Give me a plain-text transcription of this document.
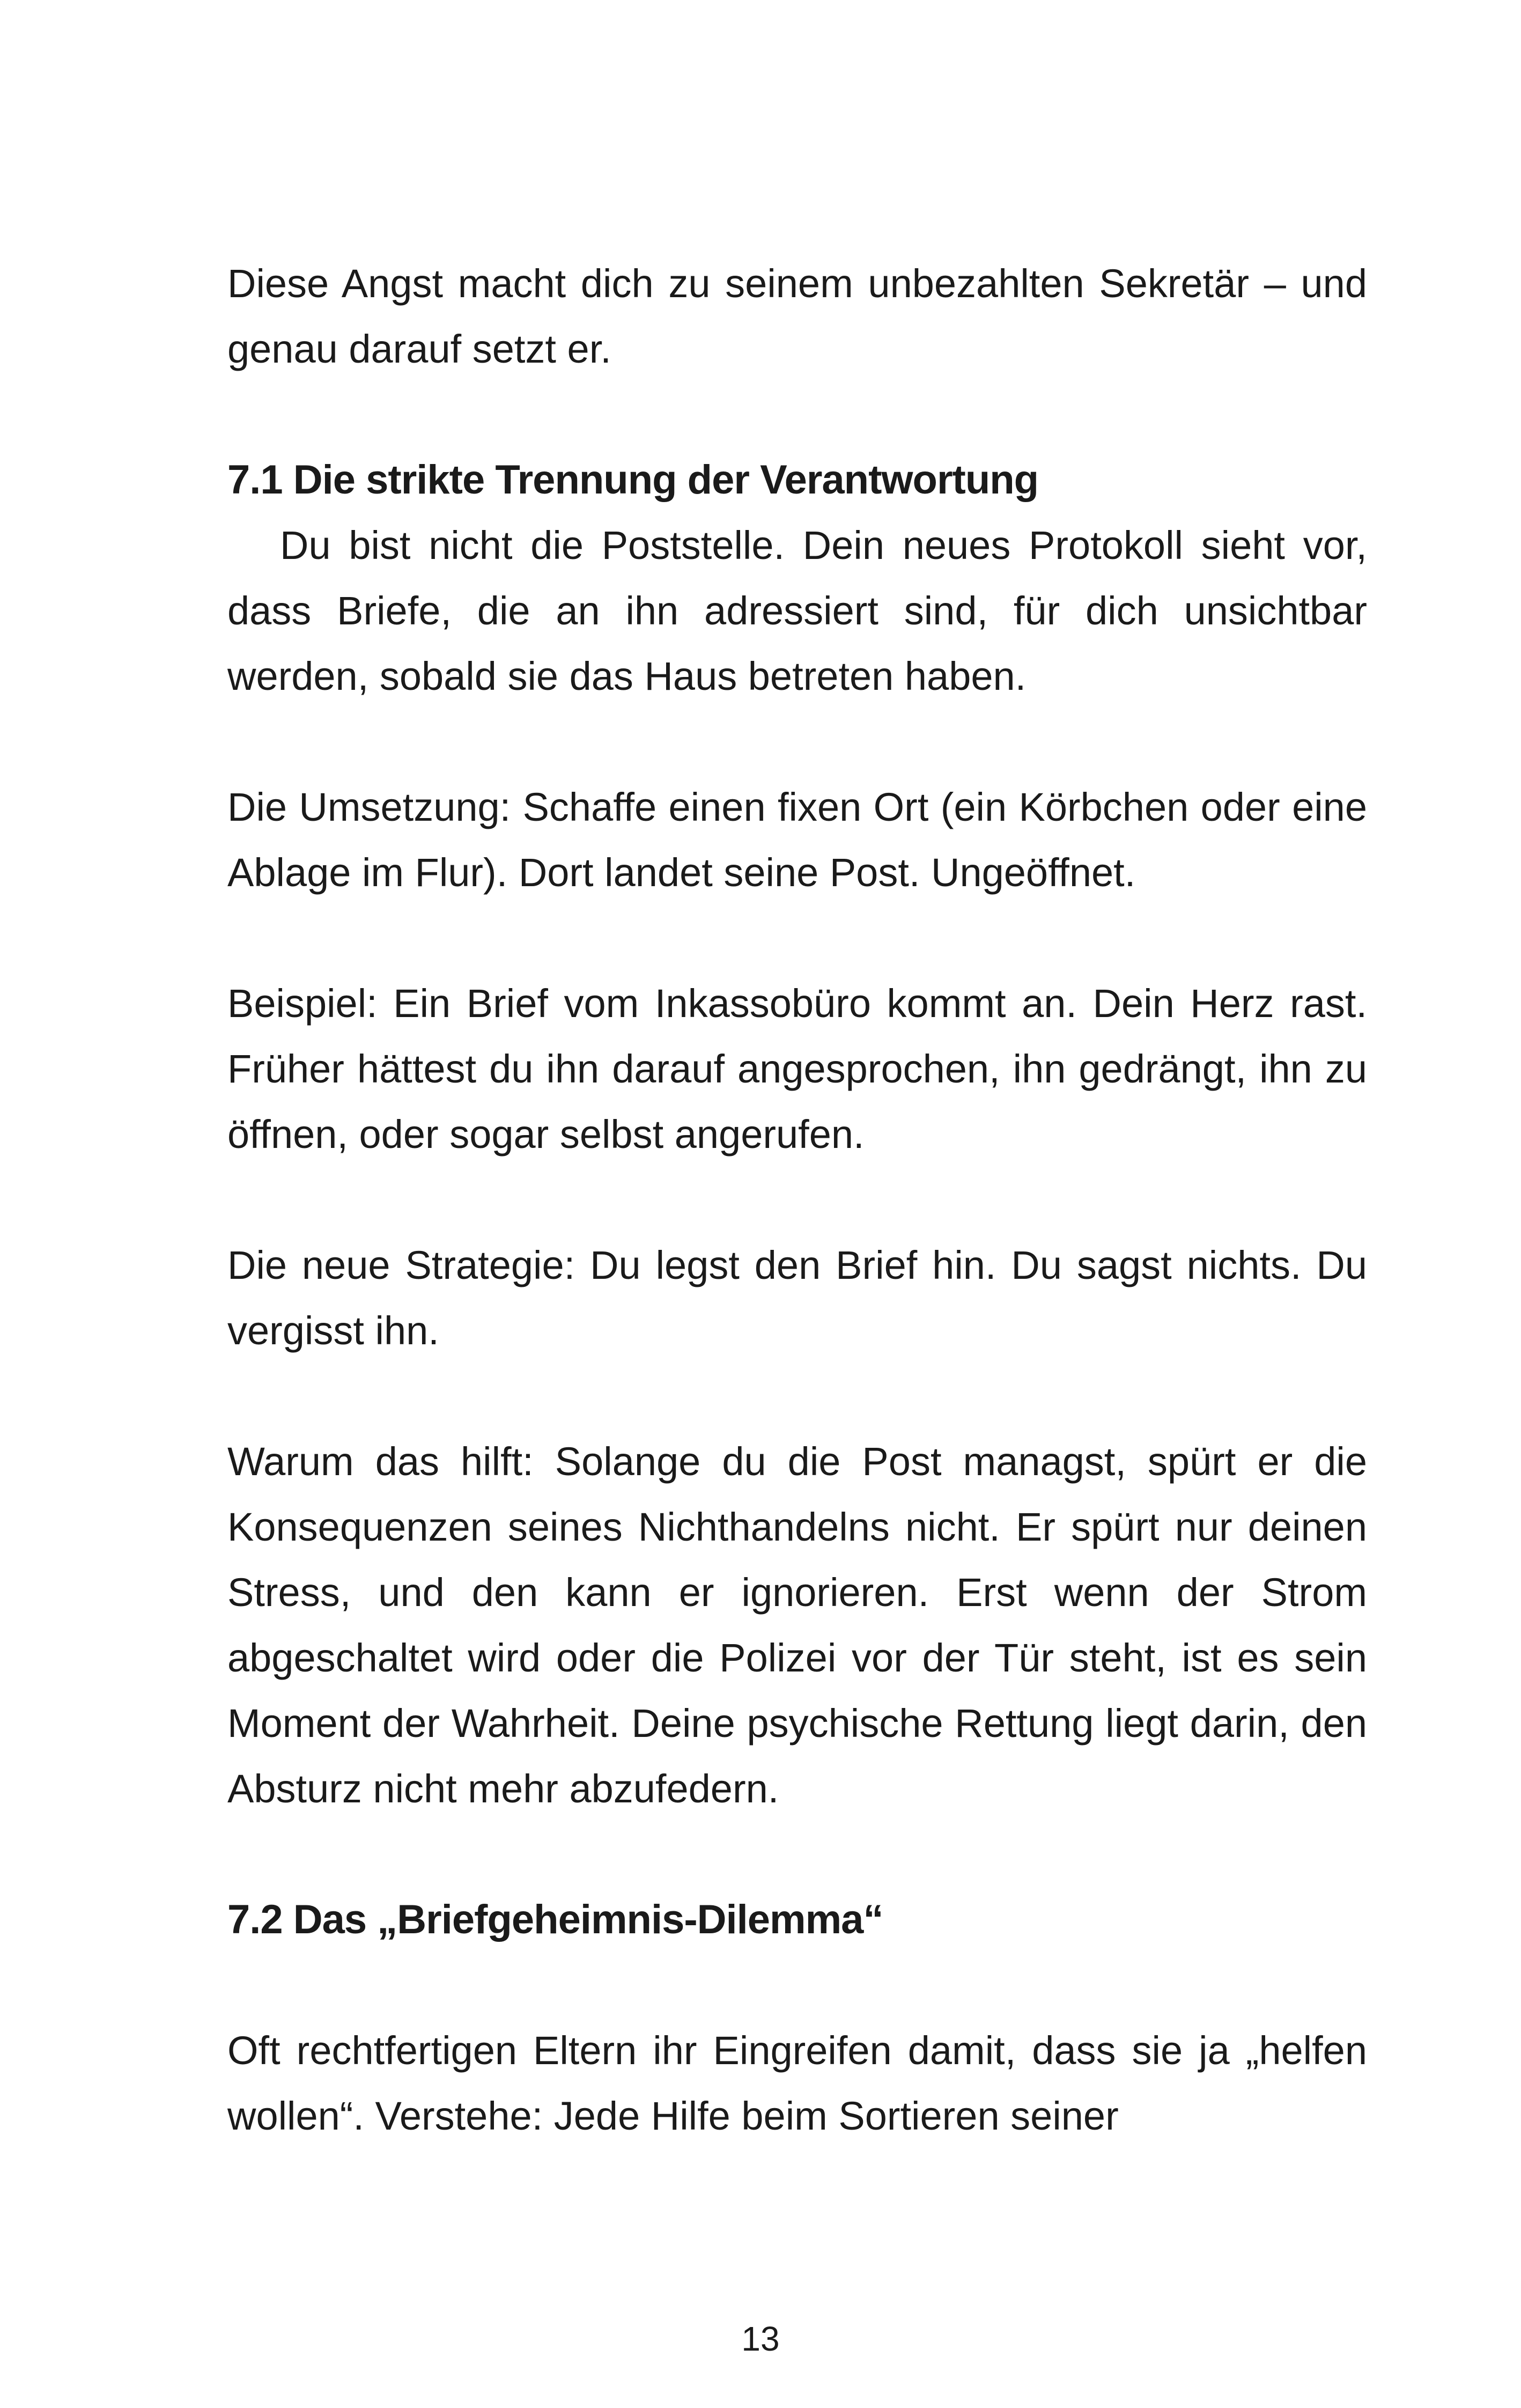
Diese Angst macht dich zu seinem unbezahlten Sekretär – und genau darauf setzt er.

7.1 Die strikte Trennung der Verantwortung

Du bist nicht die Poststelle. Dein neues Protokoll sieht vor, dass Briefe, die an ihn adressiert sind, für dich unsichtbar werden, sobald sie das Haus betreten haben.

Die Umsetzung: Schaffe einen fixen Ort (ein Körbchen oder eine Ablage im Flur). Dort landet seine Post. Ungeöffnet.

Beispiel: Ein Brief vom Inkassobüro kommt an. Dein Herz rast. Früher hättest du ihn darauf angesprochen, ihn gedrängt, ihn zu öffnen, oder sogar selbst angerufen.

Die neue Strategie: Du legst den Brief hin. Du sagst nichts. Du vergisst ihn.

Warum das hilft: Solange du die Post managst, spürt er die Konsequenzen seines Nichthandelns nicht. Er spürt nur deinen Stress, und den kann er ignorieren. Erst wenn der Strom abgeschaltet wird oder die Polizei vor der Tür steht, ist es sein Moment der Wahrheit. Deine psychische Rettung liegt darin, den Absturz nicht mehr abzufedern.

7.2 Das „Briefgeheimnis-Dilemma“

Oft rechtfertigen Eltern ihr Eingreifen damit, dass sie ja „helfen wollen“. Verstehe: Jede Hilfe beim Sortieren seiner

13
